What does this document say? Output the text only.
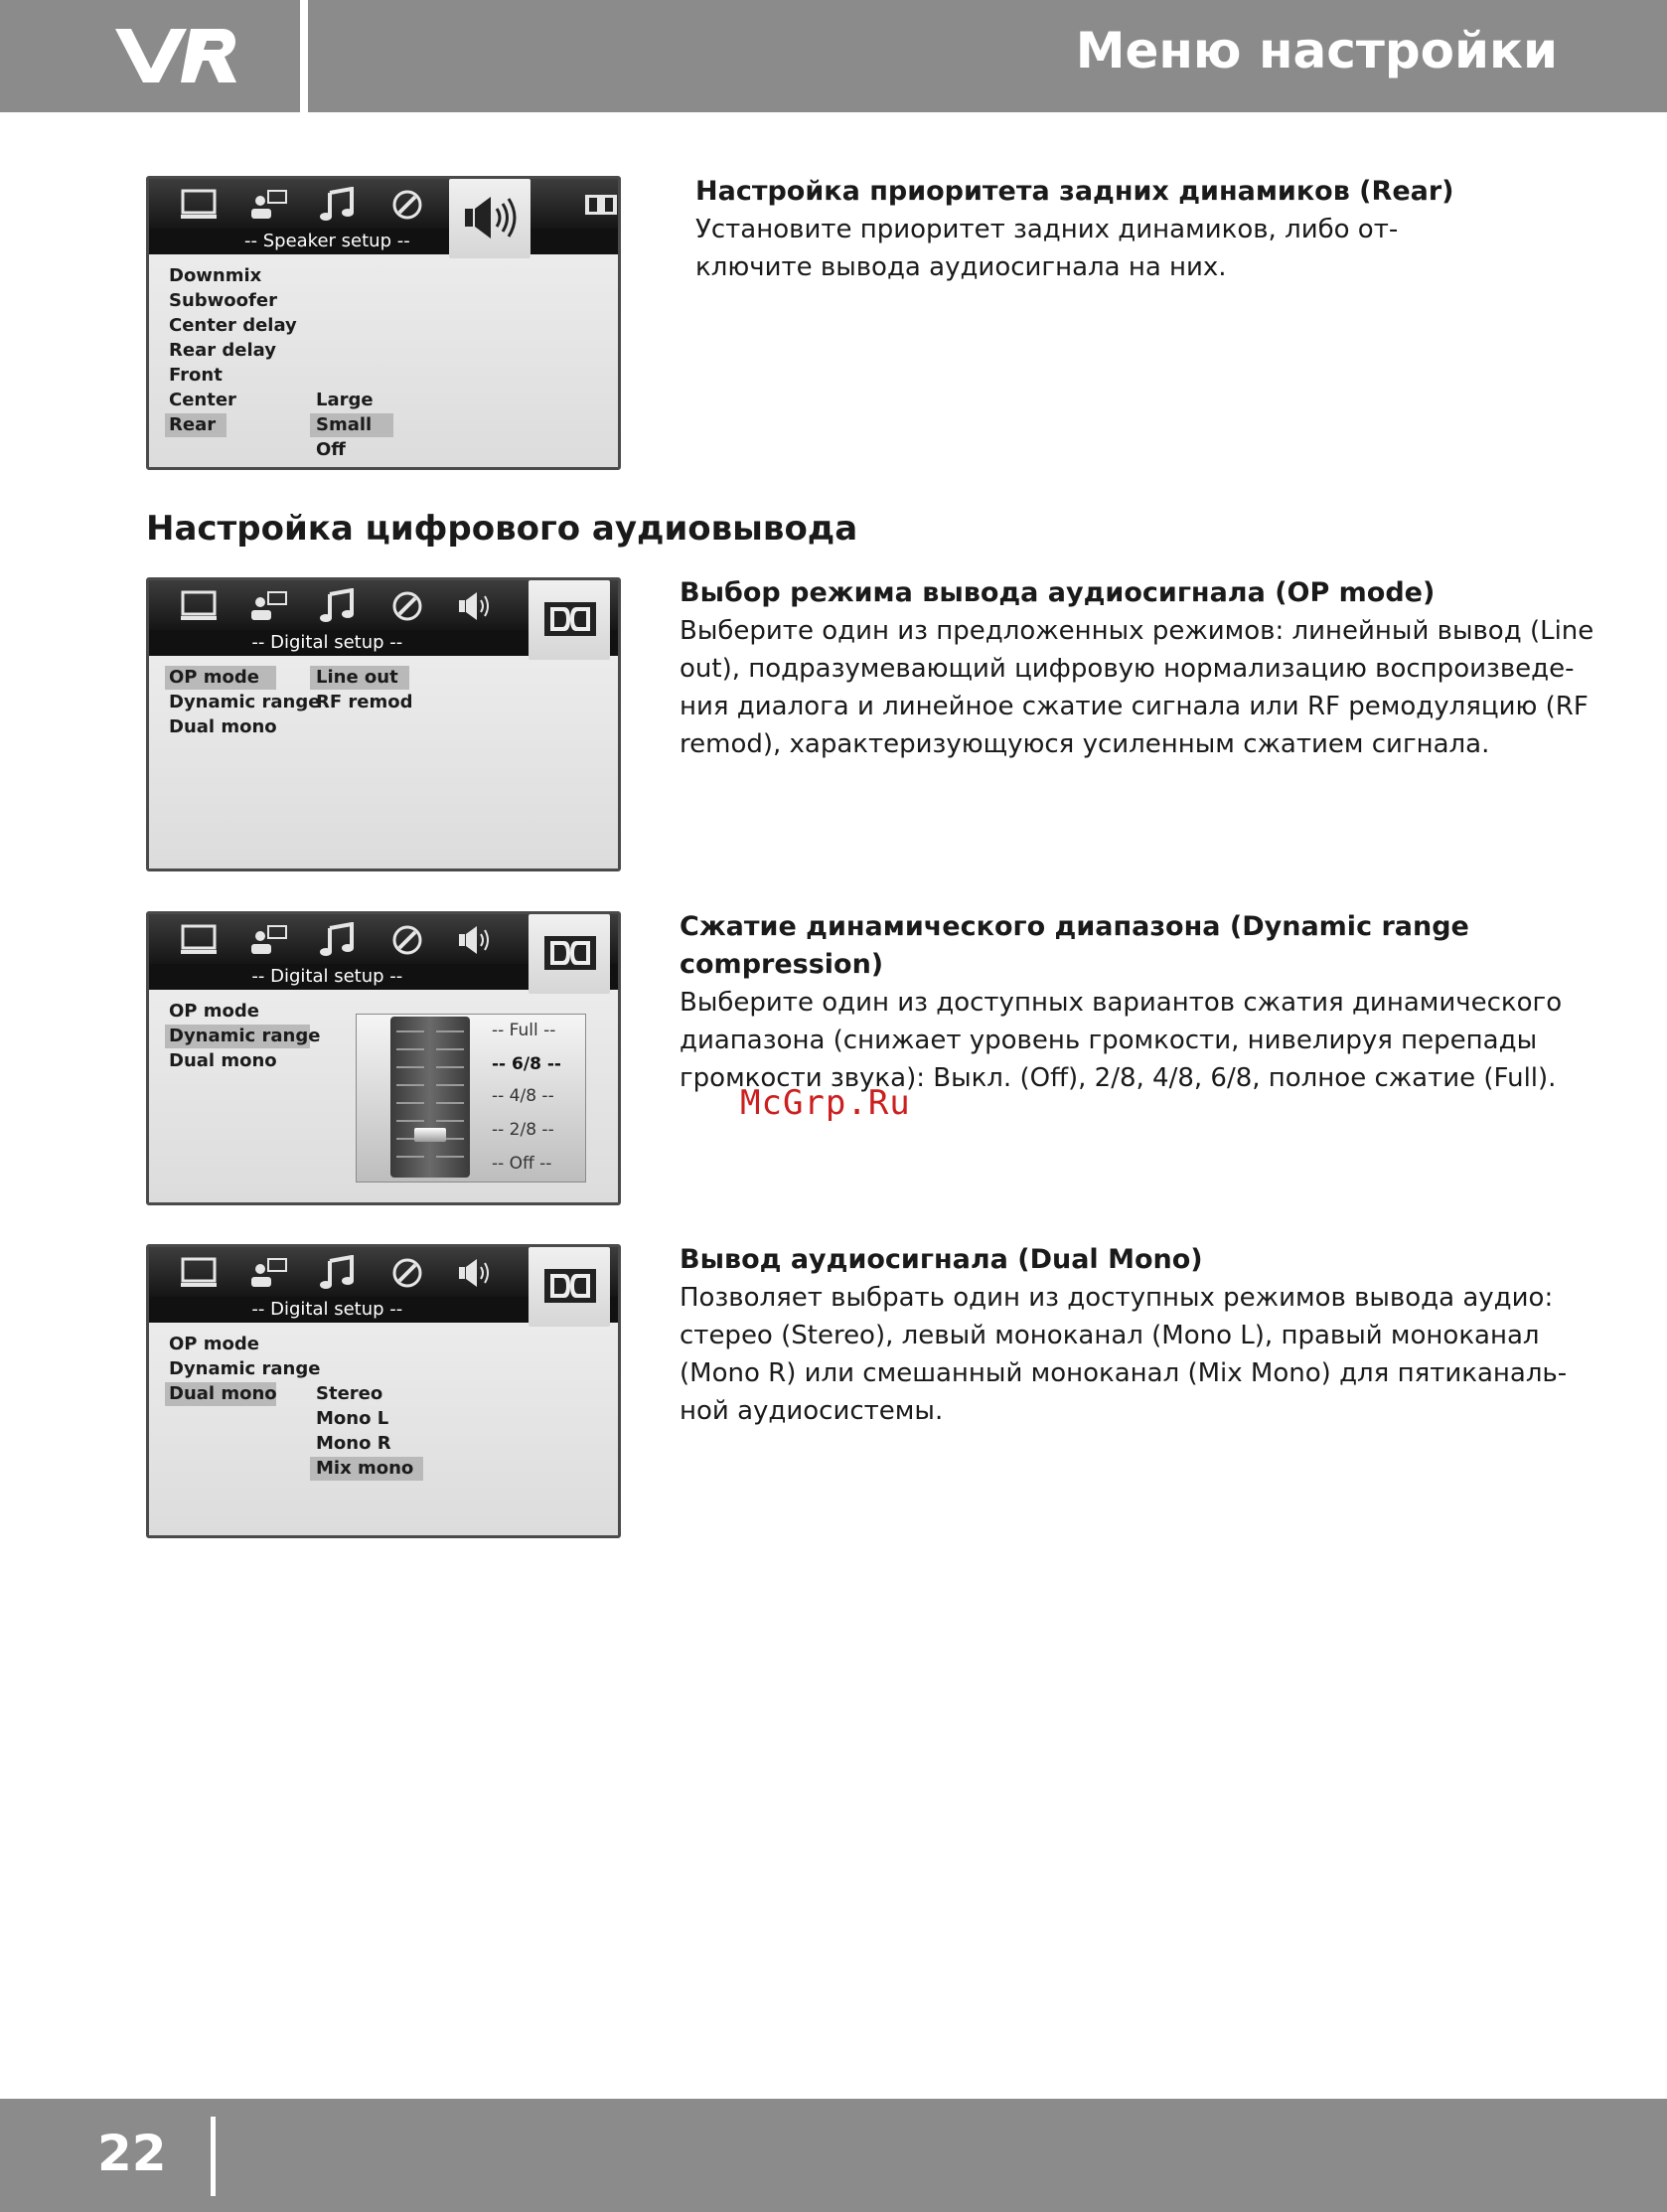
Меню настройки
-- Speaker setup --
Downmix
Subwoofer
Center delay
Rear delay
Front
Center
Rear
Large
Small
Off
Настройка приоритета задних динамиков (Rear)

Установите приоритет задних динамиков, либо от-
ключите вывода аудиосигнала на них.

Настройка цифрового аудиовывода
-- Digital setup --
OP mode
Dynamic range
Dual mono
Line out
RF remod
Выбор режима вывода аудиосигнала (OP mode)

Выберите один из предложенных режимов: линейный вывод (Line
out), подразумевающий цифровую нормализацию воспроизведе-
ния диалога и линейное сжатие сигнала или RF ремодуляцию (RF
remod), характеризующуюся усиленным сжатием сигнала.

-- Digital setup --
OP mode
Dynamic range
Dual mono
-- Full --
-- 6/8 --
-- 4/8 --
-- 2/8 --
-- Off --
Сжатие динамического диапазона (Dynamic range compression)

Выберите один из доступных вариантов сжатия динамического
диапазона (снижает уровень громкости, нивелируя перепады
громкости звука): Выкл. (Off), 2/8, 4/8, 6/8, полное сжатие (Full).

McGrp.Ru
-- Digital setup --
OP mode
Dynamic range
Dual mono	Stereo
Mono L
Mono R
Mix mono
Вывод аудиосигнала (Dual Mono)

Позволяет выбрать один из доступных режимов вывода аудио:
стерео (Stereo), левый моноканал (Mono L), правый моноканал
(Mono R) или смешанный моноканал (Mix Mono) для пятиканаль-
ной аудиосистемы.

22
